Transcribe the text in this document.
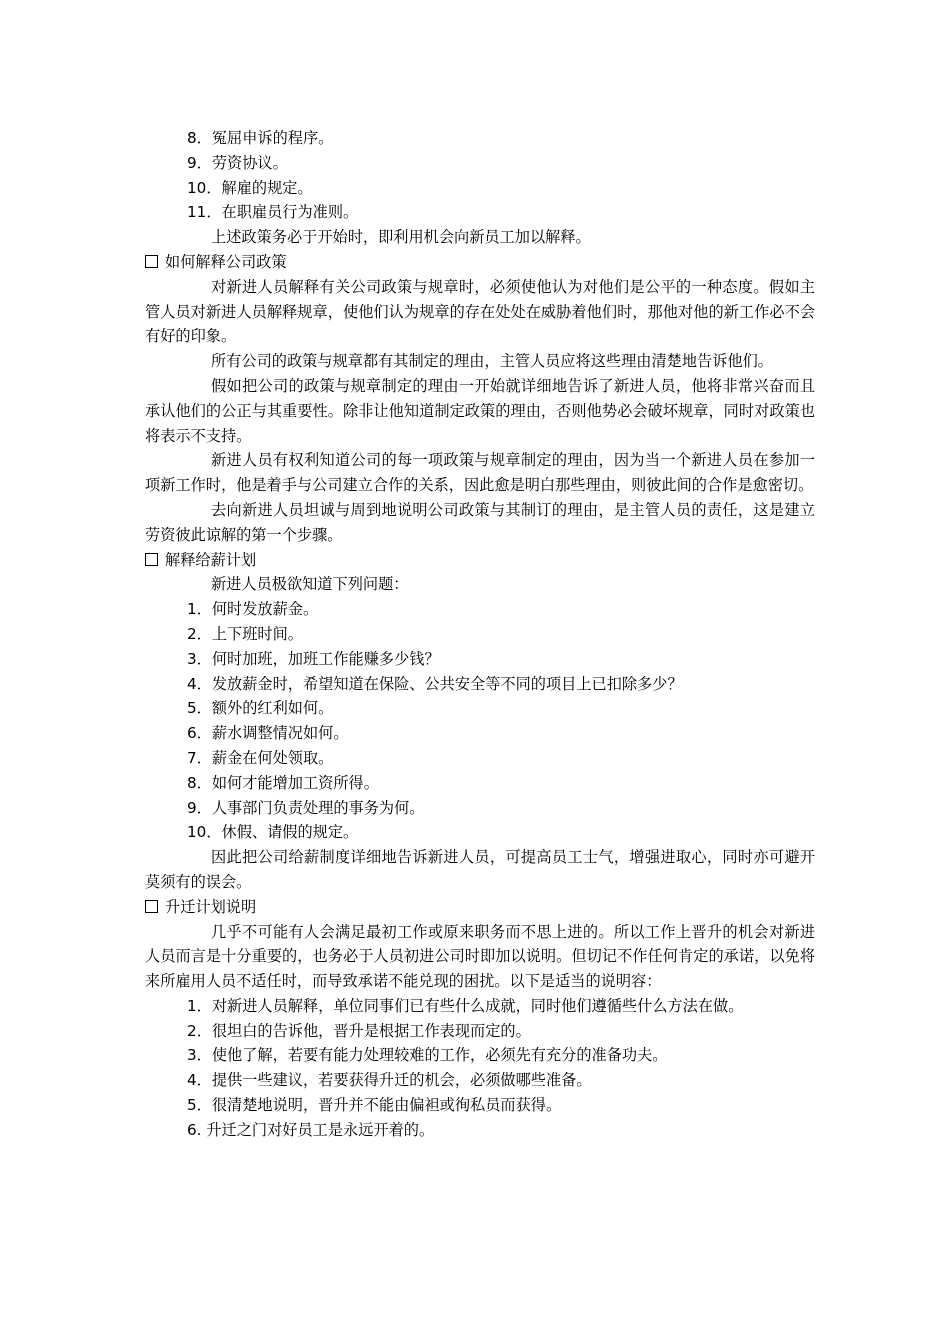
8．冤屈申诉的程序。
9．劳资协议。
10．解雇的规定。
11．在职雇员行为准则。
上述政策务必于开始时，即利用机会向新员工加以解释。
如何解释公司政策
对新进人员解释有关公司政策与规章时，必须使他认为对他们是公平的一种态度。假如主管人员对新进人员解释规章，使他们认为规章的存在处处在威胁着他们时，那他对他的新工作必不会有好的印象。
所有公司的政策与规章都有其制定的理由，主管人员应将这些理由清楚地告诉他们。
假如把公司的政策与规章制定的理由一开始就详细地告诉了新进人员，他将非常兴奋而且承认他们的公正与其重要性。除非让他知道制定政策的理由，否则他势必会破坏规章，同时对政策也将表示不支持。
新进人员有权利知道公司的每一项政策与规章制定的理由，因为当一个新进人员在参加一项新工作时，他是着手与公司建立合作的关系，因此愈是明白那些理由，则彼此间的合作是愈密切。
去向新进人员坦诚与周到地说明公司政策与其制订的理由，是主管人员的责任，这是建立劳资彼此谅解的第一个步骤。
解释给薪计划
新进人员极欲知道下列问题：
1．何时发放薪金。
2．上下班时间。
3．何时加班，加班工作能赚多少钱？
4．发放薪金时，希望知道在保险、公共安全等不同的项目上已扣除多少？
5．额外的红利如何。
6．薪水调整情况如何。
7．薪金在何处领取。
8．如何才能增加工资所得。
9．人事部门负责处理的事务为何。
10．休假、请假的规定。
因此把公司给薪制度详细地告诉新进人员，可提高员工士气，增强进取心，同时亦可避开莫须有的误会。
升迁计划说明
几乎不可能有人会满足最初工作或原来职务而不思上进的。所以工作上晋升的机会对新进人员而言是十分重要的，也务必于人员初进公司时即加以说明。但切记不作任何肯定的承诺，以免将来所雇用人员不适任时，而导致承诺不能兑现的困扰。以下是适当的说明容：
1．对新进人员解释，单位同事们已有些什么成就，同时他们遵循些什么方法在做。
2．很坦白的告诉他，晋升是根据工作表现而定的。
3．使他了解，若要有能力处理较难的工作，必须先有充分的准备功夫。
4．提供一些建议，若要获得升迁的机会，必须做哪些准备。
5．很清楚地说明，晋升并不能由偏袒或徇私员而获得。
6. 升迁之门对好员工是永远开着的。
